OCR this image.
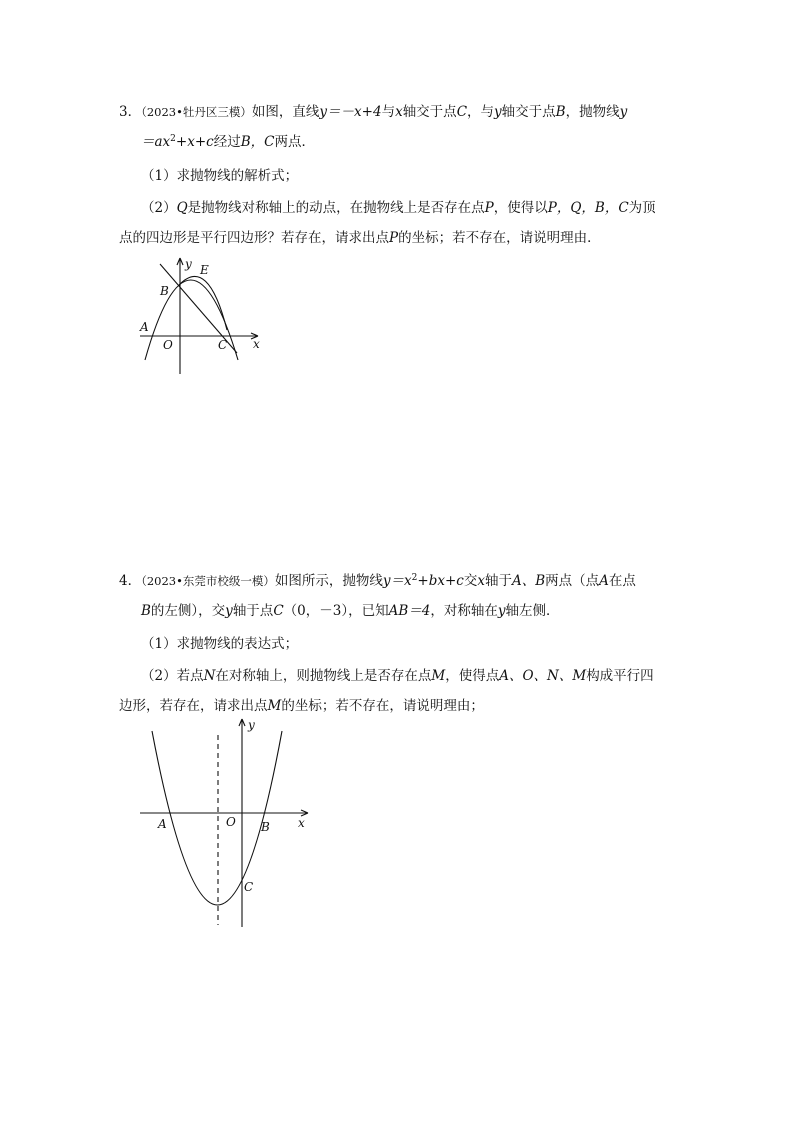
3．（2023•牡丹区三模）如图，直线y＝－x+4与x轴交于点C，与y轴交于点B，抛物线y
$=ax^2+x+c$经过B，C两点．
（1）求抛物线的解析式；
（2）Q是抛物线对称轴上的动点，在抛物线上是否存在点P，使得以P，Q，B，C为顶
点的四边形是平行四边形？若存在，请求出点P的坐标；若不存在，请说明理由．
y E
B
A
O	C x
4．（2023•东莞市校级一模）如图所示，抛物线$y=x^2+bx+c$交x轴于A、B两点（点A在点
B的左侧），交y轴于点C（0，－3），已知AB＝4，对称轴在y轴左侧．
（1）求抛物线的表达式；
（2）若点N在对称轴上，则抛物线上是否存在点M，使得点A、O、N、M构成平行四
边形，若存在，请求出点M的坐标；若不存在，请说明理由；
y
A	O B x
C
